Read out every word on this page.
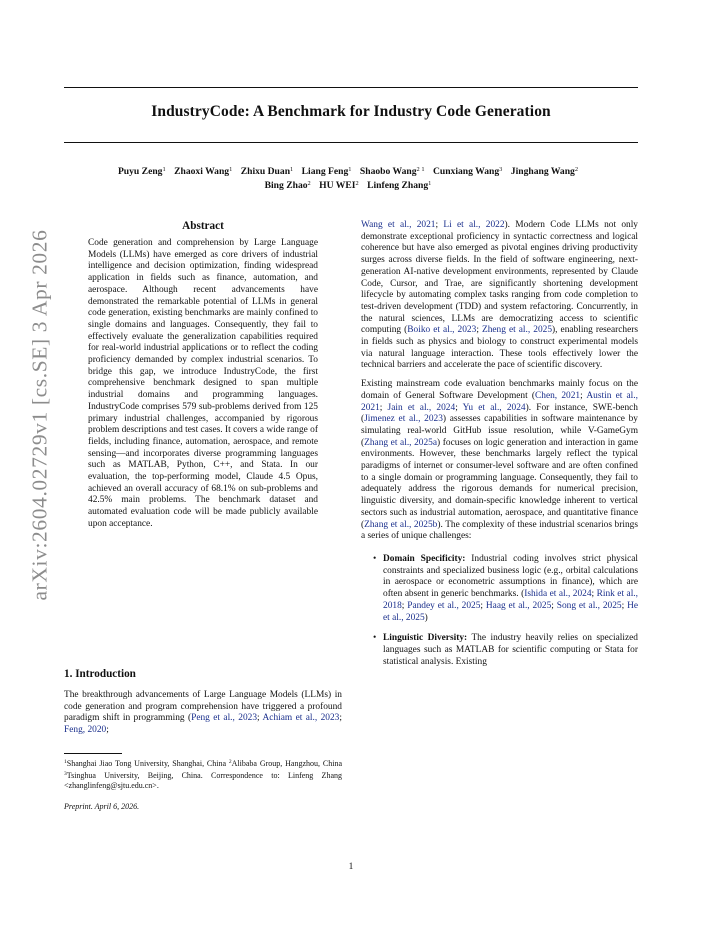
IndustryCode: A Benchmark for Industry Code Generation
Puyu Zeng$^1$ Zhaoxi Wang$^1$ Zhixu Duan$^1$ Liang Feng$^1$ Shaobo Wang$^{2 1}$ Cunxiang Wang$^3$ Jinghang Wang$^2$
Bing Zhao$^2$ HU WEI$^2$ Linfeng Zhang$^1$
arXiv:2604.02729v1 [cs.SE] 3 Apr 2026
Abstract

Code generation and comprehension by Large Language Models (LLMs) have emerged as core drivers of industrial intelligence and decision optimization, finding widespread application in fields such as finance, automation, and aerospace. Although recent advancements have demonstrated the remarkable potential of LLMs in general code generation, existing benchmarks are mainly confined to single domains and languages. Consequently, they fail to effectively evaluate the generalization capabilities required for real-world industrial applications or to reflect the coding proficiency demanded by complex industrial scenarios. To bridge this gap, we introduce IndustryCode, the first comprehensive benchmark designed to span multiple industrial domains and programming languages. IndustryCode comprises 579 sub-problems derived from 125 primary industrial challenges, accompanied by rigorous problem descriptions and test cases. It covers a wide range of fields, including finance, automation, aerospace, and remote sensing—and incorporates diverse programming languages such as MATLAB, Python, C++, and Stata. In our evaluation, the top-performing model, Claude 4.5 Opus, achieved an overall accuracy of 68.1% on sub-problems and 42.5% main problems. The benchmark dataset and automated evaluation code will be made publicly available upon acceptance.

1. Introduction

The breakthrough advancements of Large Language Models (LLMs) in code generation and program comprehension have triggered a profound paradigm shift in programming (Peng et al., 2023; Achiam et al., 2023; Feng, 2020;

$^1$Shanghai Jiao Tong University, Shanghai, China $^2$Alibaba Group, Hangzhou, China $^3$Tsinghua University, Beijing, China. Correspondence to: Linfeng Zhang <zhanglinfeng@sjtu.edu.cn>.

Preprint. April 6, 2026.

Wang et al., 2021; Li et al., 2022). Modern Code LLMs not only demonstrate exceptional proficiency in syntactic correctness and logical coherence but have also emerged as pivotal engines driving productivity surges across diverse fields. In the field of software engineering, next-generation AI-native development environments, represented by Claude Code, Cursor, and Trae, are significantly shortening development lifecycle by automating complex tasks ranging from code completion to test-driven development (TDD) and system refactoring. Concurrently, in the natural sciences, LLMs are democratizing access to scientific computing (Boiko et al., 2023; Zheng et al., 2025), enabling researchers in fields such as physics and biology to construct experimental models via natural language interaction. These tools effectively lower the technical barriers and accelerate the pace of scientific discovery.

Existing mainstream code evaluation benchmarks mainly focus on the domain of General Software Development (Chen, 2021; Austin et al., 2021; Jain et al., 2024; Yu et al., 2024). For instance, SWE-bench (Jimenez et al., 2023) assesses capabilities in software maintenance by simulating real-world GitHub issue resolution, while V-GameGym (Zhang et al., 2025a) focuses on logic generation and interaction in game environments. However, these benchmarks largely reflect the typical paradigms of internet or consumer-level software and are often confined to a single domain or programming language. Consequently, they fail to adequately address the rigorous demands for numerical precision, linguistic diversity, and domain-specific knowledge inherent to vertical sectors such as industrial automation, aerospace, and quantitative finance (Zhang et al., 2025b). The complexity of these industrial scenarios brings a series of unique challenges:

• Domain Specificity: Industrial coding involves strict physical constraints and specialized business logic (e.g., orbital calculations in aerospace or econometric assumptions in finance), which are often absent in generic benchmarks. (Ishida et al., 2024; Rink et al., 2018; Pandey et al., 2025; Haag et al., 2025; Song et al., 2025; He et al., 2025)
• Linguistic Diversity: The industry heavily relies on specialized languages such as MATLAB for scientific computing or Stata for statistical analysis. Existing
1
